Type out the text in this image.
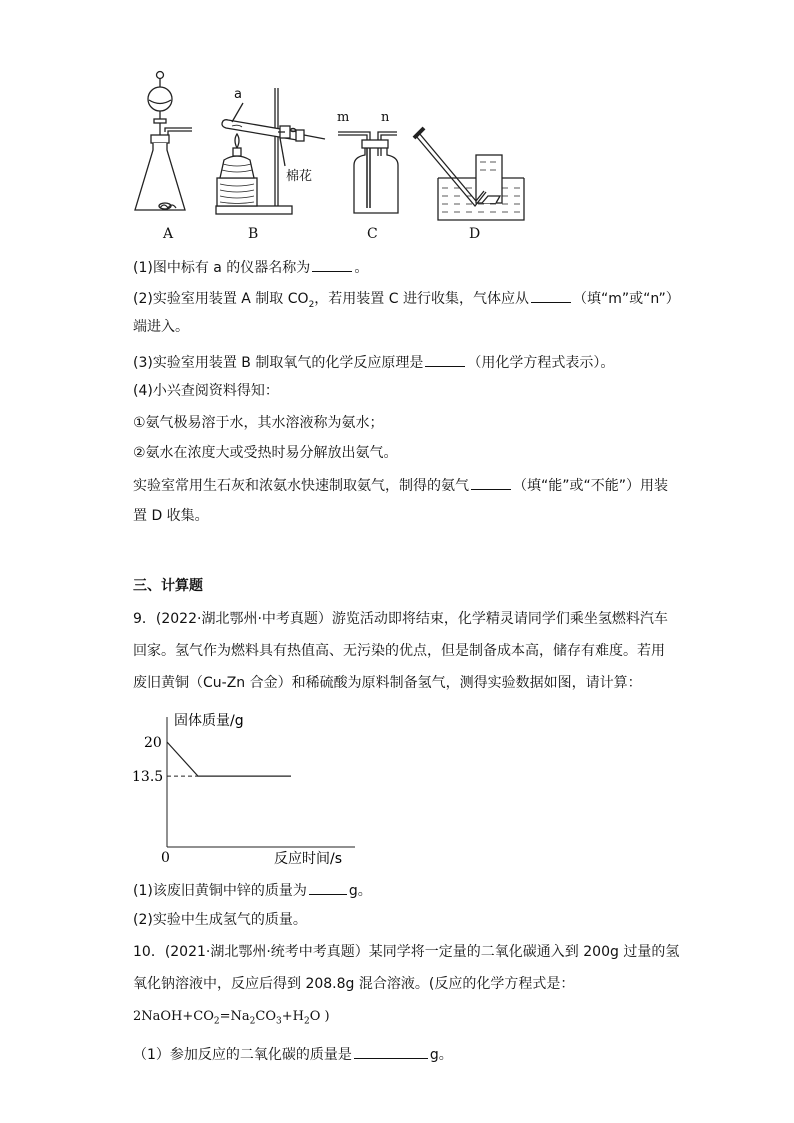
a
m n
棉花
A	B	C	D
(1)图中标有 a 的仪器名称为	。
(2)实验室用装置 A 制取 $CO_2$，若用装置 C 进行收集，气体应从	（填“m”或“n”）
端进入。
(3)实验室用装置 B 制取氧气的化学反应原理是	（用化学方程式表示）。
(4)小兴查阅资料得知：
①氨气极易溶于水，其水溶液称为氨水；
②氨水在浓度大或受热时易分解放出氨气。
实验室常用生石灰和浓氨水快速制取氨气，制得的氨气	（填“能”或“不能”）用装
置 D 收集。
三、计算题
9．(2022·湖北鄂州·中考真题）游览活动即将结束，化学精灵请同学们乘坐氢燃料汽车
回家。氢气作为燃料具有热值高、无污染的优点，但是制备成本高，储存有难度。若用
废旧黄铜（Cu-Zn 合金）和稀硫酸为原料制备氢气，测得实验数据如图，请计算：
固体质量/g
反应时间/s
0
20
13.5
(1)该废旧黄铜中锌的质量为	g。
(2)实验中生成氢气的质量。
10．(2021·湖北鄂州·统考中考真题）某同学将一定量的二氧化碳通入到 200g 过量的氢
氧化钠溶液中，反应后得到 208.8g 混合溶液。(反应的化学方程式是：
$2NaOH+CO_2=Na_2CO_3+H_2O$ )
（1）参加反应的二氧化碳的质量是	g。
